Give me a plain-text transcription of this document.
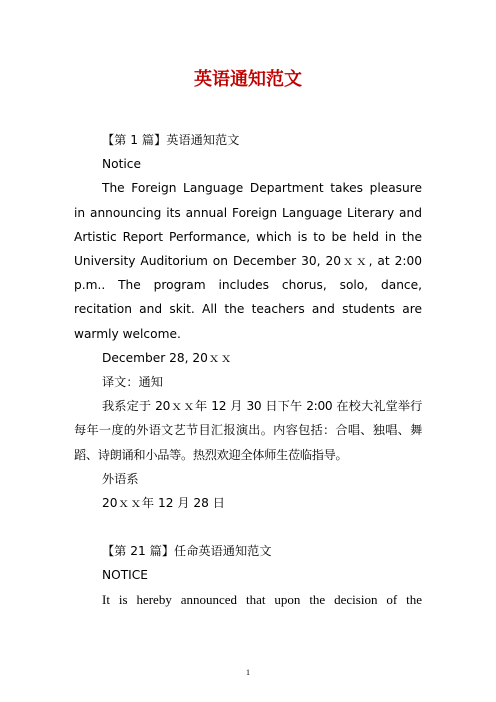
英语通知范文

【第 1 篇】英语通知范文

Notice

The Foreign Language Department takes pleasure in announcing its annual Foreign Language Literary and Artistic Report Performance, which is to be held in the University Auditorium on December 30, 20ｘｘ, at 2:00 p.m.. The program includes chorus, solo, dance, recitation and skit. All the teachers and students are warmly welcome.

December 28, 20ｘｘ

译文：通知

我系定于 20ｘｘ年 12 月 30 日下午 2:00 在校大礼堂举行每年一度的外语文艺节目汇报演出。内容包括：合唱、独唱、舞蹈、诗朗诵和小品等。热烈欢迎全体师生莅临指导。

外语系

20ｘｘ年 12 月 28 日

【第 21 篇】任命英语通知范文

NOTICE

It is hereby announced that upon the decision of the

1
